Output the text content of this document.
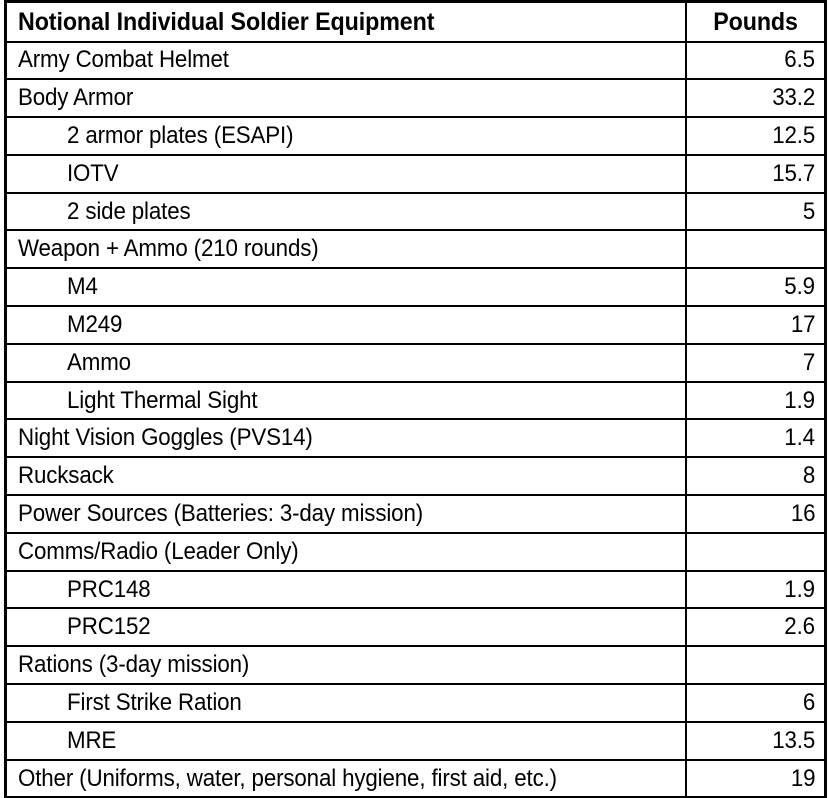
Notional Individual Soldier Equipment	Pounds
Army Combat Helmet	6.5
Body Armor	33.2
2 armor plates (ESAPI)	12.5
IOTV	15.7
2 side plates	5
Weapon + Ammo (210 rounds)	
M4	5.9
M249	17
Ammo	7
Light Thermal Sight	1.9
Night Vision Goggles (PVS14)	1.4
Rucksack	8
Power Sources (Batteries: 3-day mission)	16
Comms/Radio (Leader Only)	
PRC148	1.9
PRC152	2.6
Rations (3-day mission)	
First Strike Ration	6
MRE	13.5
Other (Uniforms, water, personal hygiene, first aid, etc.)	19
